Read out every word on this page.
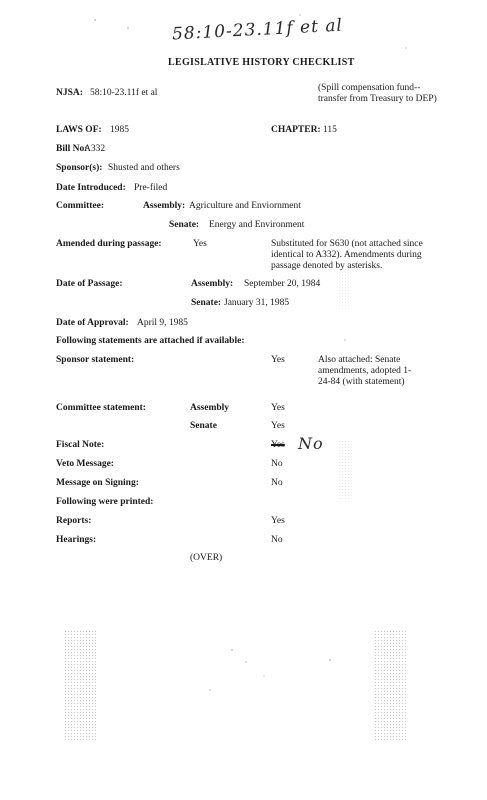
58:10-23.11f et al
LEGISLATIVE HISTORY CHECKLIST
NJSA: 58:10-23.11f et al	(Spill compensation fund--transfer from Treasury to DEP)
LAWS OF: 1985	CHAPTER: 115
Bill No:
A332
Sponsor(s): Shusted and others
Date Introduced: Pre-filed
Committee:	Assembly: Agriculture and Enviornment
Senate: Energy and Environment
Amended during passage:	Yes	Substituted for S630 (not attached since identical to A332). Amendments during passage denoted by asterisks.
Date of Passage:	Assembly: September 20, 1984
Senate: January 31, 1985
Date of Approval: April 9, 1985
Following statements are attached if available:
Sponsor statement:	Yes	Also attached: Senate amendments, adopted 1-24-84 (with statement)
Committee statement:	Assembly	Yes
Senate	Yes
Fiscal Note:	Yes No
Veto Message:	No
Message on Signing:	No
Following were printed:
Reports:	Yes
Hearings:	No
(OVER)
